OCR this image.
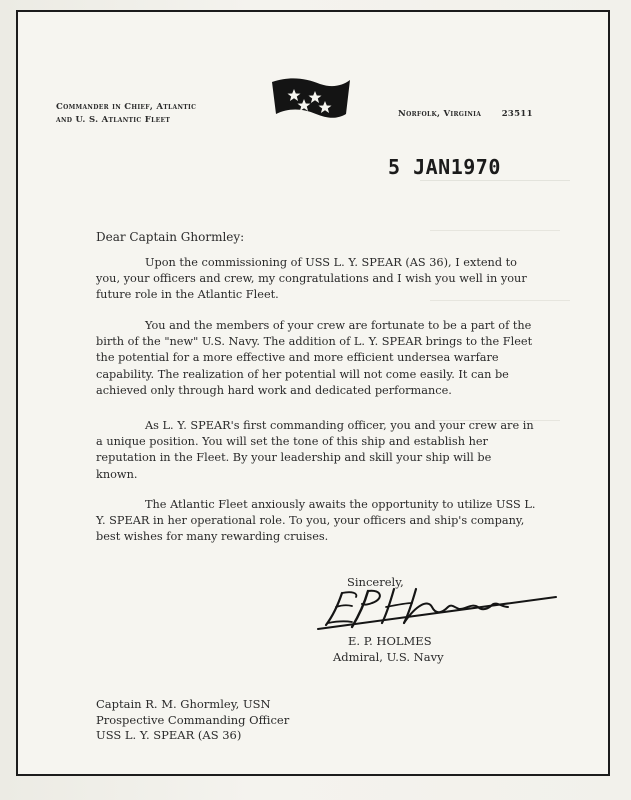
Commander in Chief, Atlantic
and U. S. Atlantic Fleet
Norfolk, Virginia 23511
5 JAN1970
Dear Captain Ghormley:

Upon the commissioning of USS L. Y. SPEAR (AS 36), I extend to you, your officers and crew, my congratulations and I wish you well in your future role in the Atlantic Fleet.

You and the members of your crew are fortunate to be a part of the birth of the "new" U.S. Navy. The addition of L. Y. SPEAR brings to the Fleet the potential for a more effective and more efficient undersea warfare capability. The realization of her potential will not come easily. It can be achieved only through hard work and dedicated performance.

As L. Y. SPEAR's first commanding officer, you and your crew are in a unique position. You will set the tone of this ship and establish her reputation in the Fleet. By your leadership and skill your ship will be known.

The Atlantic Fleet anxiously awaits the opportunity to utilize USS L. Y. SPEAR in her operational role. To you, your officers and ship's company, best wishes for many rewarding cruises.

Sincerely,
E. P. HOLMES
Admiral, U.S. Navy
Captain R. M. Ghormley, USN
Prospective Commanding Officer
USS L. Y. SPEAR (AS 36)
